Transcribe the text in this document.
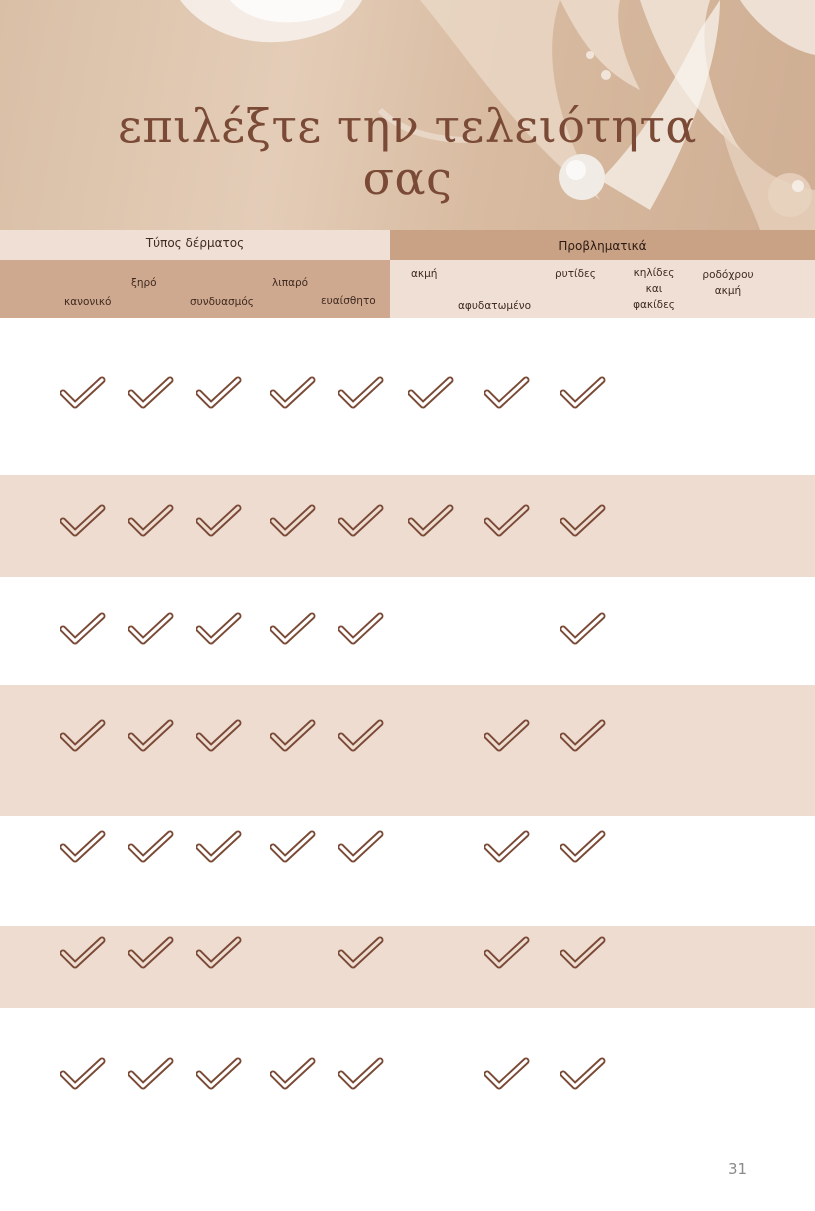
επιλέξτε την τελειότητα
σας
Τύπος δέρματος	Προβληματικά
κανονικό
ξηρό
συνδυασμός
λιπαρό
ευαίσθητο
ακμή
αφυδατωμένο
ρυτίδες	κηλίδες
και
φακίδες
ροδόχρου
ακμή
31
